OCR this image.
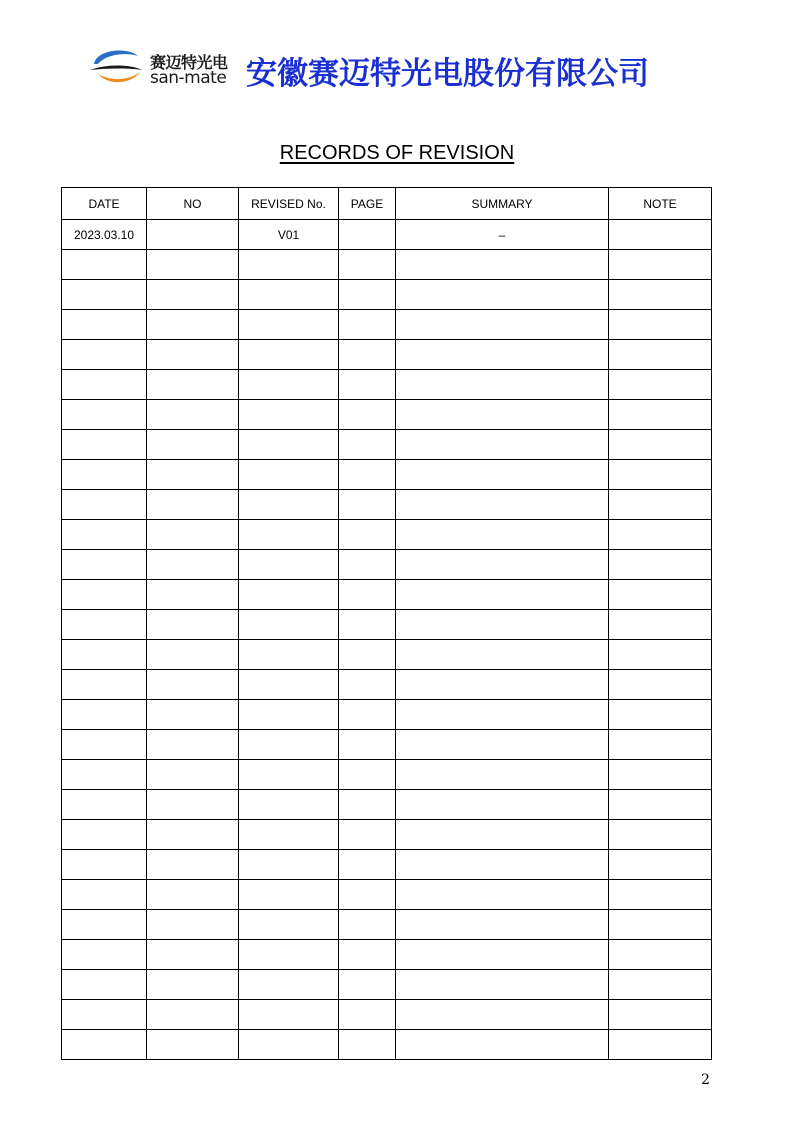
赛迈特光电
san-mate 安徽赛迈特光电股份有限公司
RECORDS OF REVISION
DATE	NO	REVISED No.	PAGE	SUMMARY	NOTE
2023.03.10		V01		–	

2
